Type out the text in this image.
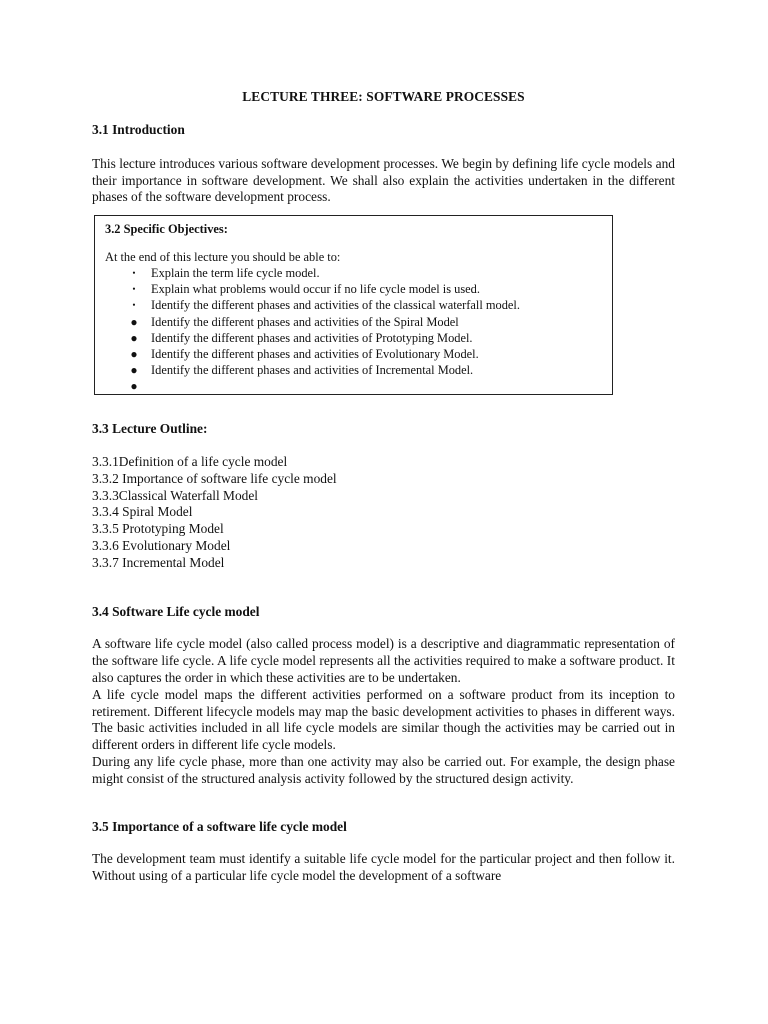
LECTURE THREE: SOFTWARE PROCESSES

3.1 Introduction

This lecture introduces various software development processes. We begin by defining life cycle models and their importance in software development. We shall also explain the activities undertaken in the different phases of the software development process.

3.2 Specific Objectives:

At the end of this lecture you should be able to:

•	Explain the term life cycle model.
•	Explain what problems would occur if no life cycle model is used.
•	Identify the different phases and activities of the classical waterfall model.
● Identify the different phases and activities of the Spiral Model
● Identify the different phases and activities of Prototyping Model.
● Identify the different phases and activities of Evolutionary Model.
● Identify the different phases and activities of Incremental Model.
●

3.3 Lecture Outline:

3.3.1Definition of a life cycle model
3.3.2 Importance of software life cycle model
3.3.3Classical Waterfall Model
3.3.4 Spiral Model
3.3.5 Prototyping Model
3.3.6 Evolutionary Model
3.3.7 Incremental Model

3.4 Software Life cycle model

A software life cycle model (also called process model) is a descriptive and diagrammatic representation of the software life cycle. A life cycle model represents all the activities required to make a software product. It also captures the order in which these activities are to be undertaken.

A life cycle model maps the different activities performed on a software product from its inception to retirement. Different lifecycle models may map the basic development activities to phases in different ways. The basic activities included in all life cycle models are similar though the activities may be carried out in different orders in different life cycle models.

During any life cycle phase, more than one activity may also be carried out. For example, the design phase might consist of the structured analysis activity followed by the structured design activity.

3.5 Importance of a software life cycle model

The development team must identify a suitable life cycle model for the particular project and then follow it. Without using of a particular life cycle model the development of a software
